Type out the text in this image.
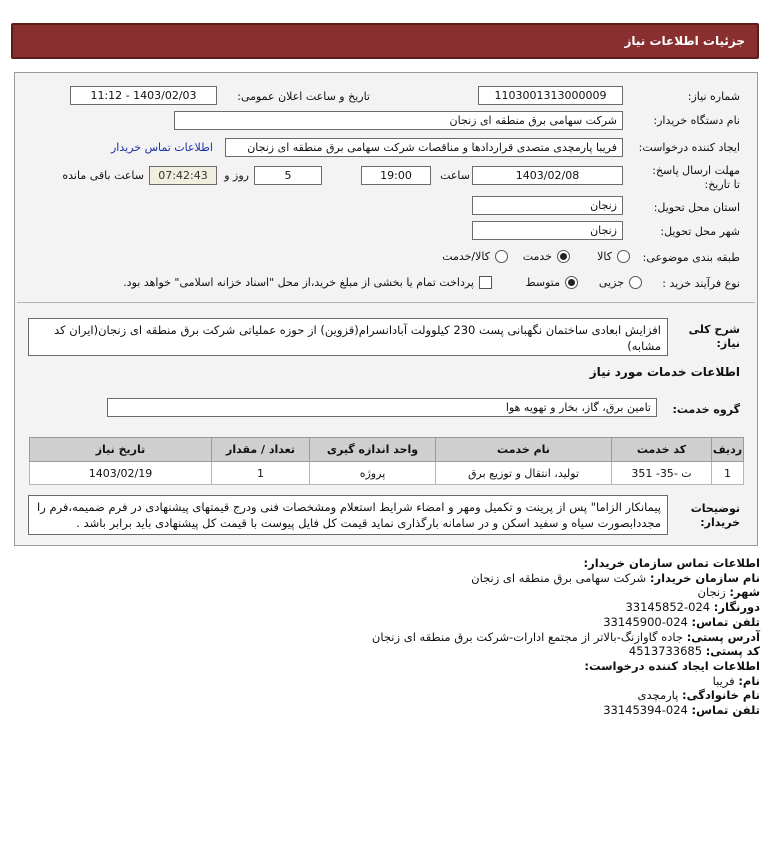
جزئیات اطلاعات نیاز
شماره نیاز:
1103001313000009
تاریخ و ساعت اعلان عمومی:
1403/02/03 - 11:12
نام دستگاه خریدار:
شرکت سهامی برق منطقه ای زنجان
ایجاد کننده درخواست:
فریبا پارمچدی متصدی قراردادها و مناقصات شرکت سهامی برق منطقه ای زنجان
اطلاعات تماس خریدار
مهلت ارسال پاسخ: تا تاریخ:
1403/02/08
ساعت
19:00
5
روز و
07:42:43
ساعت باقی مانده
استان محل تحویل:
زنجان
شهر محل تحویل:
زنجان
طبقه بندی موضوعی:
کالا
خدمت
کالا/خدمت
نوع فرآیند خرید :
جزیی
متوسط
پرداخت تمام یا بخشی از مبلغ خرید،از محل "اسناد خزانه اسلامی" خواهد بود.
شرح کلی نیاز:
افزایش ابعادی ساختمان نگهبانی پست 230 کیلوولت آبادانسرام(قزوین) از حوزه عملیاتی شرکت برق منطقه ای زنجان(ایران کد مشابه)
اطلاعات خدمات مورد نیاز
گروه خدمت:
تامین برق، گاز، بخار و تهویه هوا
ردیف	کد خدمت	نام خدمت	واحد اندازه گیری	تعداد / مقدار	تاریخ نیاز
1	ت -35- 351	تولید، انتقال و توزیع برق	پروژه	1	1403/02/19
توضیحات خریدار:
پیمانکار الزاما" پس از پرینت و تکمیل ومهر و امضاء شرایط استعلام ومشخصات فنی ودرج قیمتهای پیشنهادی در فرم ضمیمه،فرم را مجددابصورت سیاه و سفید اسکن و در سامانه بارگذاری نماید قیمت کل فایل پیوست با قیمت کل پیشنهادی باید برابر باشد .
اطلاعات تماس سازمان خریدار:
نام سازمان خریدار: شرکت سهامی برق منطقه ای زنجان
شهر: زنجان
دورنگار: 024-33145852
تلفن تماس: 024-33145900
آدرس پستی: جاده گاوازنگ-بالاتر از مجتمع ادارات-شرکت برق منطقه ای زنجان
کد پستی: 4513733685
اطلاعات ایجاد کننده درخواست:
نام: فریبا
نام خانوادگی: پارمچدی
تلفن تماس: 024-33145394
